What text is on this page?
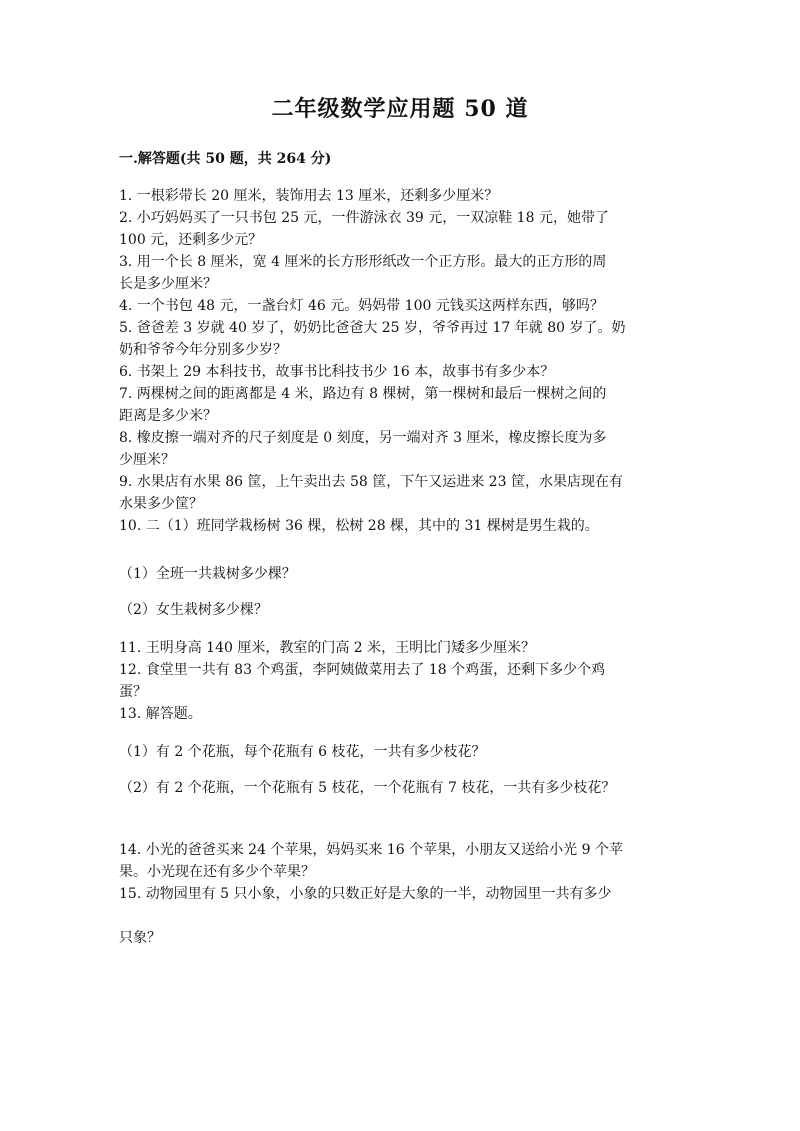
二年级数学应用题 50 道
一.解答题(共 50 题，共 264 分)

1. 一根彩带长 20 厘米，装饰用去 13 厘米，还剩多少厘米？

2. 小巧妈妈买了一只书包 25 元，一件游泳衣 39 元，一双凉鞋 18 元，她带了

100 元，还剩多少元？

3. 用一个长 8 厘米，宽 4 厘米的长方形形纸改一个正方形。最大的正方形的周

长是多少厘米？

4. 一个书包 48 元，一盏台灯 46 元。妈妈带 100 元钱买这两样东西，够吗？

5. 爸爸差 3 岁就 40 岁了，奶奶比爸爸大 25 岁，爷爷再过 17 年就 80 岁了。奶

奶和爷爷今年分别多少岁？

6. 书架上 29 本科技书，故事书比科技书少 16 本，故事书有多少本？

7. 两棵树之间的距离都是 4 米，路边有 8 棵树，第一棵树和最后一棵树之间的

距离是多少米？

8. 橡皮擦一端对齐的尺子刻度是 0 刻度，另一端对齐 3 厘米，橡皮擦长度为多

少厘米？

9. 水果店有水果 86 筐，上午卖出去 58 筐，下午又运进来 23 筐，水果店现在有

水果多少筐？

10. 二（1）班同学栽杨树 36 棵，松树 28 棵，其中的 31 棵树是男生栽的。

（1）全班一共栽树多少棵？

（2）女生栽树多少棵？

11. 王明身高 140 厘米，教室的门高 2 米，王明比门矮多少厘米？

12. 食堂里一共有 83 个鸡蛋，李阿姨做菜用去了 18 个鸡蛋，还剩下多少个鸡

蛋？

13. 解答题。

（1）有 2 个花瓶，每个花瓶有 6 枝花，一共有多少枝花？

（2）有 2 个花瓶，一个花瓶有 5 枝花，一个花瓶有 7 枝花，一共有多少枝花？

14. 小光的爸爸买来 24 个苹果，妈妈买来 16 个苹果，小朋友又送给小光 9 个苹

果。小光现在还有多少个苹果？

15. 动物园里有 5 只小象，小象的只数正好是大象的一半，动物园里一共有多少

只象？
